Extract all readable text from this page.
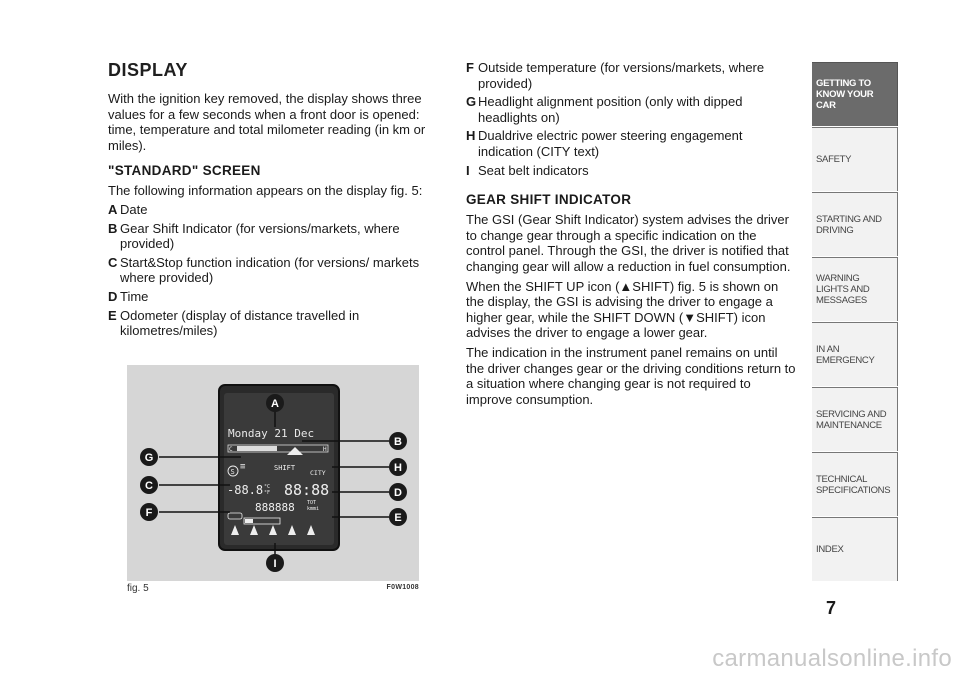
DISPLAY

With the ignition key removed, the display shows three values for a few seconds when a front door is opened: time, temperature and total milometer reading (in km or miles).

"STANDARD" SCREEN

The following information appears on the display fig. 5:

A Date
B Gear Shift Indicator (for versions/markets, where provided)
C Start&Stop function indication (for versions/ markets where provided)
D Time
E Odometer (display of distance travelled in kilometres/miles)
Monday 21 Dec
C	H
S ≡	SHIFT
CITY
-88.8 °C
°F 88:88
888888 TOT
km mi
A
B
G
H
C
D
F	E
I
fig. 5	F0W1008
F Outside temperature (for versions/markets, where provided)
G Headlight alignment position (only with dipped headlights on)
H Dualdrive electric power steering engagement indication (CITY text)
I Seat belt indicators
GEAR SHIFT INDICATOR

The GSI (Gear Shift Indicator) system advises the driver to change gear through a specific indication on the control panel. Through the GSI, the driver is notified that changing gear will allow a reduction in fuel consumption.

When the SHIFT UP icon (▲SHIFT) fig. 5 is shown on the display, the GSI is advising the driver to engage a higher gear, while the SHIFT DOWN (▼SHIFT) icon advises the driver to engage a lower gear.

The indication in the instrument panel remains on until the driver changes gear or the driving conditions return to a situation where changing gear is not required to improve consumption.

GETTING TO KNOW YOUR CAR
SAFETY
STARTING AND DRIVING
WARNING LIGHTS AND MESSAGES
IN AN EMERGENCY
SERVICING AND MAINTENANCE
TECHNICAL SPECIFICATIONS
INDEX
7
carmanualsonline.info
